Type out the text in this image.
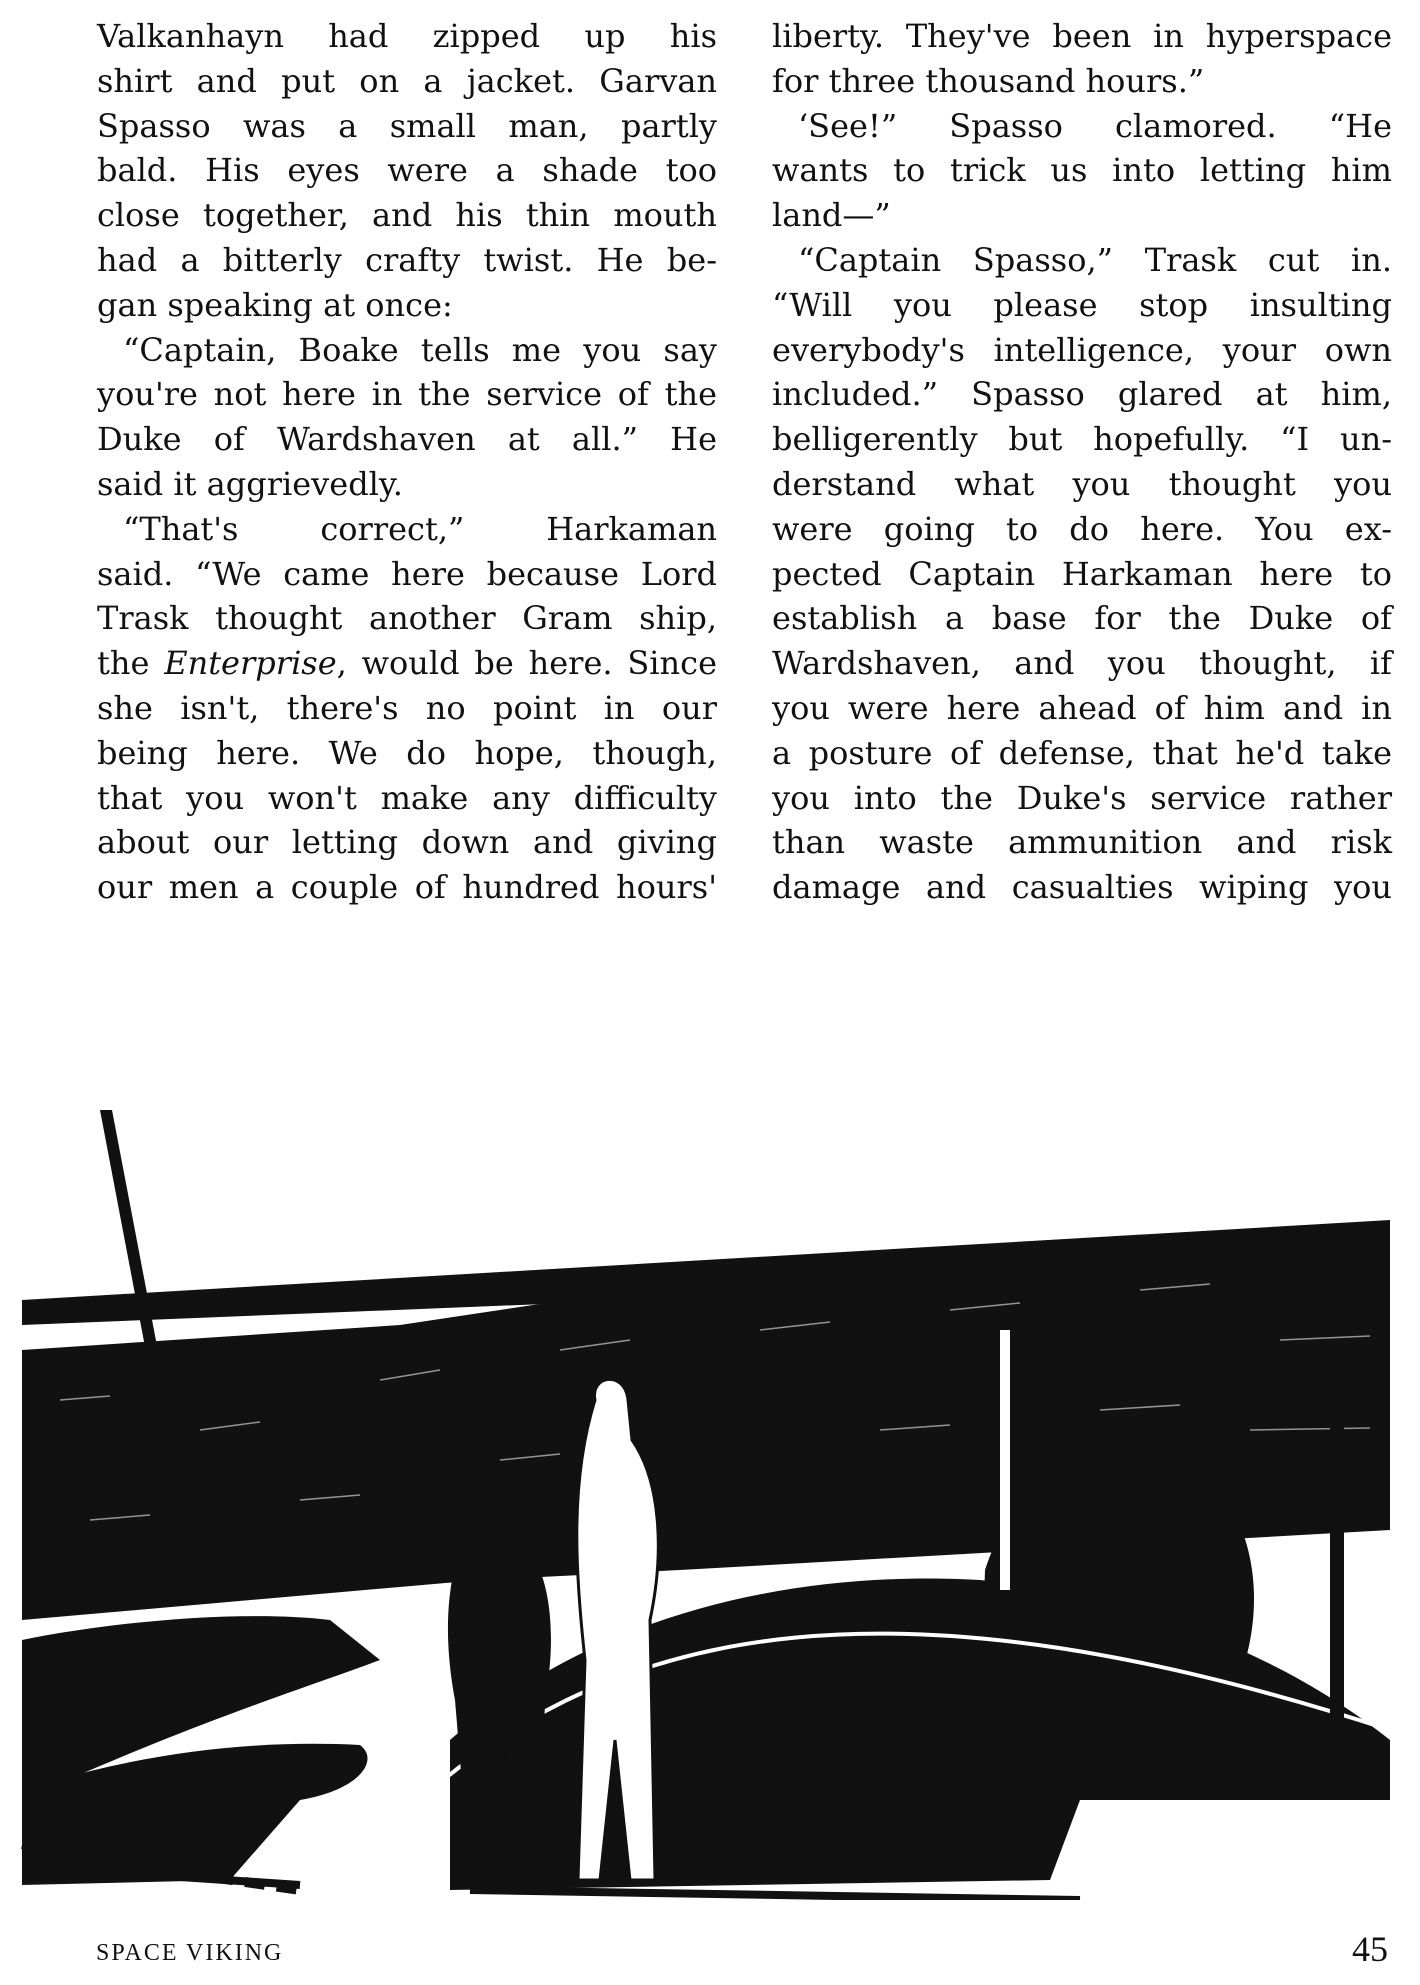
Valkanhayn had zipped up his
shirt and put on a jacket. Garvan
Spasso was a small man, partly
bald. His eyes were a shade too
close together, and his thin mouth
had a bitterly crafty twist. He be-
gan speaking at once:
“Captain, Boake tells me you say
you're not here in the service of the
Duke of Wardshaven at all.” He
said it aggrievedly.
“That's correct,” Harkaman
said. “We came here because Lord
Trask thought another Gram ship,
the Enterprise, would be here. Since
she isn't, there's no point in our
being here. We do hope, though,
that you won't make any difficulty
about our letting down and giving
our men a couple of hundred hours'
liberty. They've been in hyperspace
for three thousand hours.”
‘See!” Spasso clamored. “He
wants to trick us into letting him
land—”
“Captain Spasso,” Trask cut in.
“Will you please stop insulting
everybody's intelligence, your own
included.” Spasso glared at him,
belligerently but hopefully. “I un-
derstand what you thought you
were going to do here. You ex-
pected Captain Harkaman here to
establish a base for the Duke of
Wardshaven, and you thought, if
you were here ahead of him and in
a posture of defense, that he'd take
you into the Duke's service rather
than waste ammunition and risk
damage and casualties wiping you
SPACE VIKING	45
